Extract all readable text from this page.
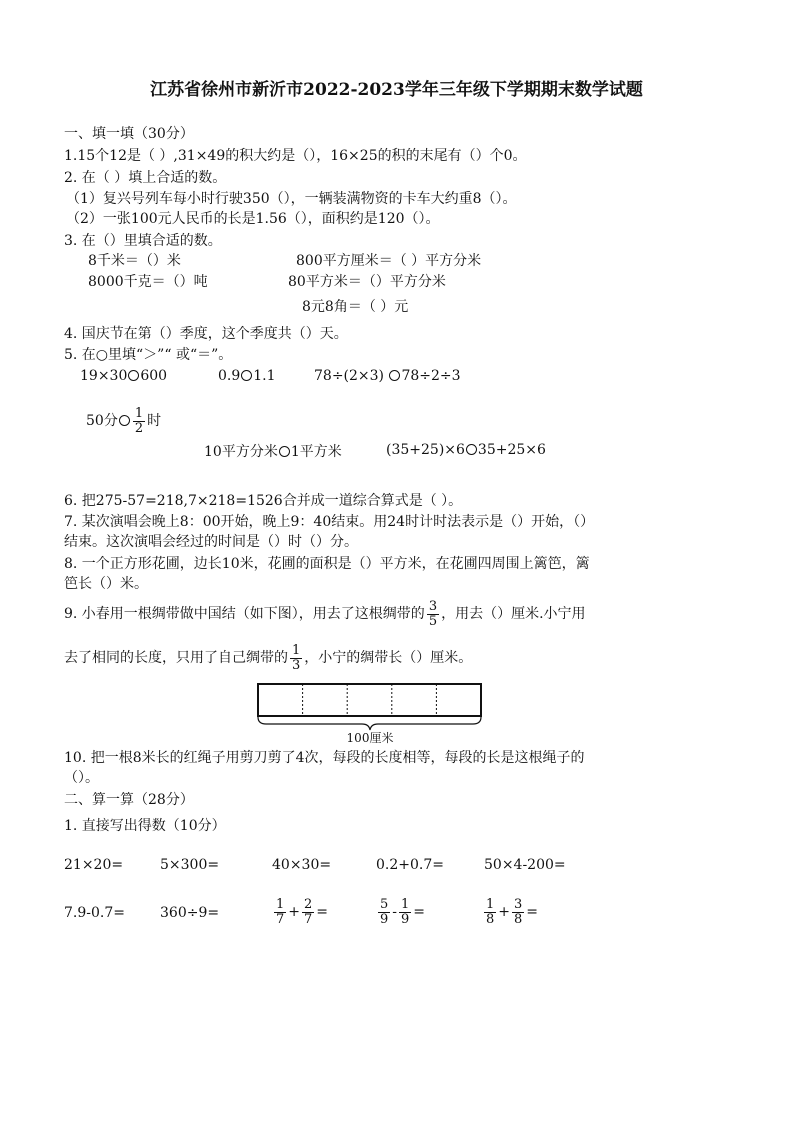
江苏省徐州市新沂市2022-2023学年三年级下学期期末数学试题
一、填一填（30分）
1.15个12是（ ）,31×49的积大约是（），16×25的积的末尾有（）个0。
2. 在（ ）填上合适的数。
（1）复兴号列车每小时行驶350（），一辆装满物资的卡车大约重8（）。
（2）一张100元人民币的长是1.56（），面积约是120（）。
3. 在（）里填合适的数。
8千米＝（）米	800平方厘米＝（ ）平方分米
8000千克＝（）吨	80平方米＝（）平方分米
8元8角＝（ ）元
4. 国庆节在第（）季度，这个季度共（）天。
5. 在○里填“＞”“ 或“＝”。
19×30 600	0.9 1.1	78÷(2×3) 78÷2÷3
50分 $\frac{1}{2}$ 时
10平方分米 1平方米	(35+25)×6 35+25×6
6. 把275-57=218,7×218=1526合并成一道综合算式是（ ）。
7. 某次演唱会晚上8：00开始，晚上9：40结束。用24时计时法表示是（）开始，（）
结束。这次演唱会经过的时间是（）时（）分。
8. 一个正方形花圃，边长10米，花圃的面积是（）平方米，在花圃四周围上篱笆，篱
笆长（）米。
9. 小春用一根绸带做中国结（如下图），用去了这根绸带的 $\frac{3}{5}$ ，用去（）厘米.小宁用
去了相同的长度，只用了自己绸带的 $\frac{1}{3}$ ，小宁的绸带长（）厘米。
100厘米
10. 把一根8米长的红绳子用剪刀剪了4次，每段的长度相等，每段的长是这根绳子的
（）。
二、算一算（28分）
1. 直接写出得数（10分）
21×20=	5×300=	40×30=	0.2+0.7=	50×4-200=
7.9-0.7=	360÷9=	$\frac{1}{7} + \frac{2}{7}$ =	$\frac{5}{9} - \frac{1}{9}$ =	$\frac{1}{8} + \frac{3}{8}$ =
